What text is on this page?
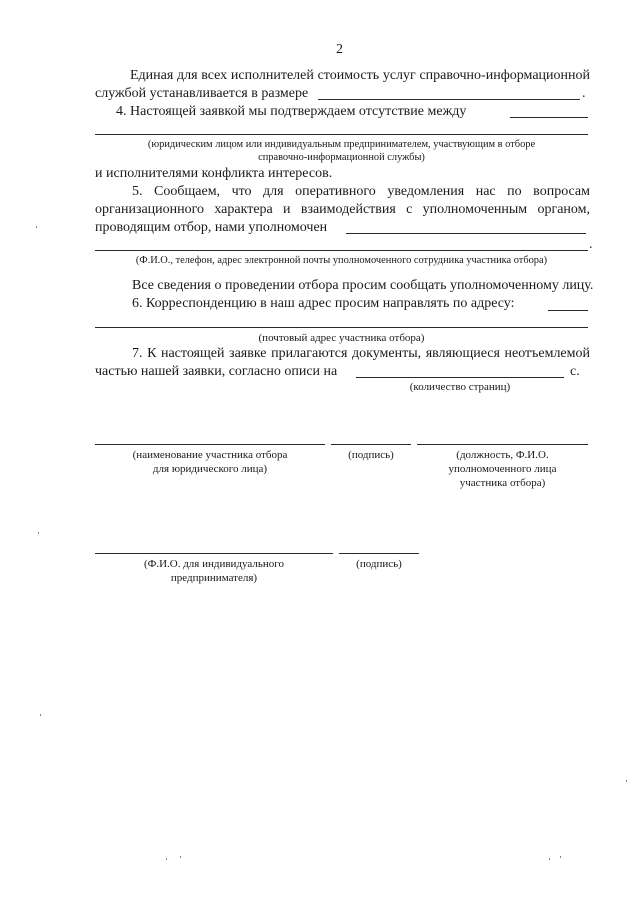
2
Единая для всех исполнителей стоимость услуг справочно-информационной
службой устанавливается в размере	.
4. Настоящей заявкой мы подтверждаем отсутствие между
(юридическим лицом или индивидуальным предпринимателем, участвующим в отборе
справочно-информационной службы)
и исполнителями конфликта интересов.
5. Сообщаем, что для оперативного уведомления нас по вопросам
организационного характера и взаимодействия с уполномоченным органом,
проводящим отбор, нами уполномочен
.
(Ф.И.О., телефон, адрес электронной почты уполномоченного сотрудника участника отбора)
Все сведения о проведении отбора просим сообщать уполномоченному лицу.
6. Корреспонденцию в наш адрес просим направлять по адресу:
(почтовый адрес участника отбора)
7. К настоящей заявке прилагаются документы, являющиеся неотъемлемой
частью нашей заявки, согласно описи на	с.
(количество страниц)
(наименование участника отбора
для юридического лица)
(подпись)	(должность, Ф.И.О.
уполномоченного лица
участника отбора)
(Ф.И.О. для индивидуального
предпринимателя)
(подпись)
